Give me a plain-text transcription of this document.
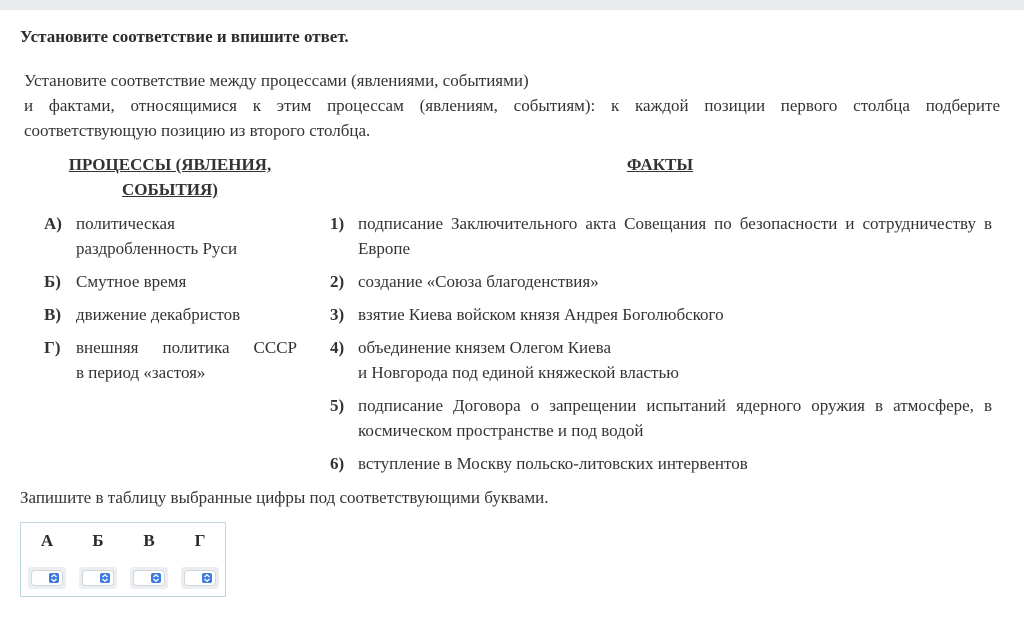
Установите соответствие и впишите ответ.
Установите соответствие между процессами (явлениями, событиями)
и фактами, относящимися к этим процессам (явлениям, событиям): к каждой позиции первого столбца подберите
соответствующую позицию из второго столбца.
ПРОЦЕССЫ (ЯВЛЕНИЯ,
СОБЫТИЯ)
ФАКТЫ
А) политическая раздробленность Руси
Б) Смутное время
В) движение декабристов
Г) внешняя политика СССР
в период «застоя»
1) подписание Заключительного акта Совещания по безопасности и сотрудничеству в Европе
2) создание «Союза благоденствия»
3) взятие Киева войском князя Андрея Боголюбского
4) объединение князем Олегом Киева
и Новгорода под единой княжеской властью
5) подписание Договора о запрещении испытаний ядерного оружия в атмосфере, в космическом пространстве и под водой
6) вступление в Москву польско-литовских интервентов
Запишите в таблицу выбранные цифры под соответствующими буквами.
А	Б	В	Г
